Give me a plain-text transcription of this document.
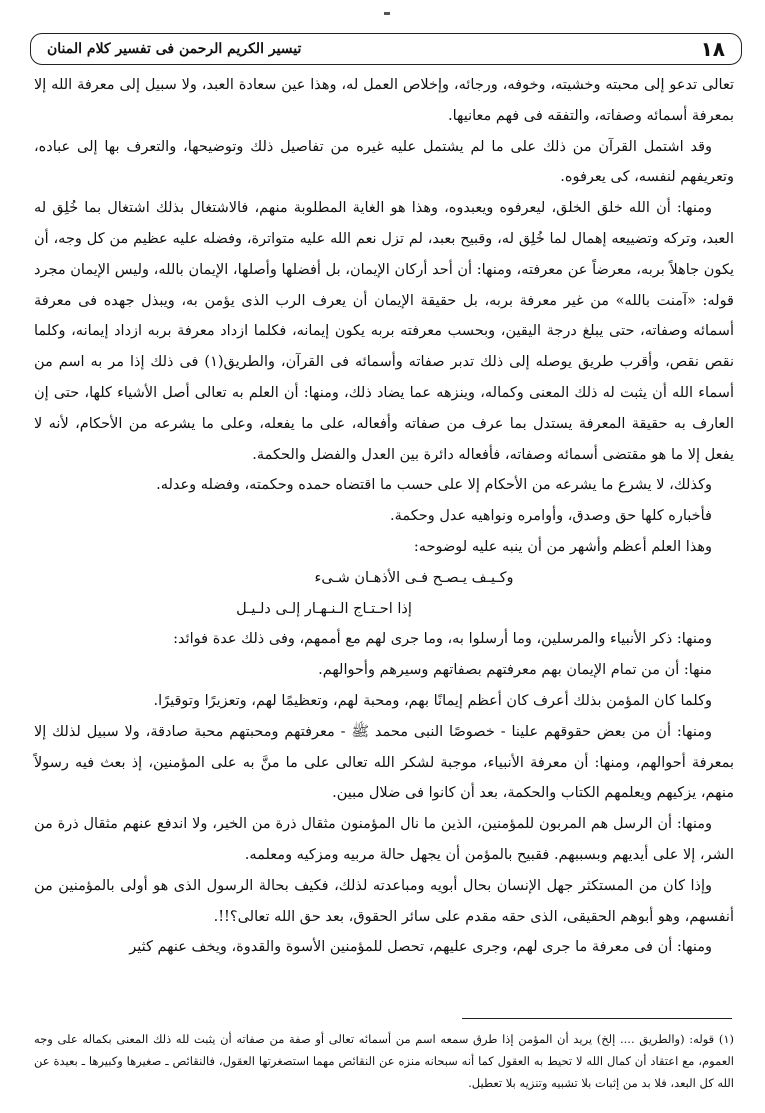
١٨
تيسير الكريم الرحمن فى تفسير كلام المنان

تعالى تدعو إلى محبته وخشيته، وخوفه، ورجائه، وإخلاص العمل له، وهذا عين سعادة العبد، ولا سبيل إلى معرفة الله إلا بمعرفة أسمائه وصفاته، والتفقه فى فهم معانيها.

وقد اشتمل القرآن من ذلك على ما لم يشتمل عليه غيره من تفاصيل ذلك وتوضيحها، والتعرف بها إلى عباده، وتعريفهم لنفسه، كى يعرفوه.

ومنها: أن الله خلق الخلق، ليعرفوه ويعبدوه، وهذا هو الغاية المطلوبة منهم، فالاشتغال بذلك اشتغال بما خُلِق له العبد، وتركه وتضييعه إهمال لما خُلِق له، وقبيح بعبد، لم تزل نعم الله عليه متواترة، وفضله عليه عظيم من كل وجه، أن يكون جاهلاً بربه، معرضاً عن معرفته، ومنها: أن أحد أركان الإيمان، بل أفضلها وأصلها، الإيمان بالله، وليس الإيمان مجرد قوله: «آمنت بالله» من غير معرفة بربه، بل حقيقة الإيمان أن يعرف الرب الذى يؤمن به، ويبذل جهده فى معرفة أسمائه وصفاته، حتى يبلغ درجة اليقين، وبحسب معرفته بربه يكون إيمانه، فكلما ازداد معرفة بربه ازداد إيمانه، وكلما نقص نقص، وأقرب طريق يوصله إلى ذلك تدبر صفاته وأسمائه فى القرآن، والطريق(١) فى ذلك إذا مر به اسم من أسماء الله أن يثبت له ذلك المعنى وكماله، وينزهه عما يضاد ذلك، ومنها: أن العلم به تعالى أصل الأشياء كلها، حتى إن العارف به حقيقة المعرفة يستدل بما عرف من صفاته وأفعاله، على ما يفعله، وعلى ما يشرعه من الأحكام، لأنه لا يفعل إلا ما هو مقتضى أسمائه وصفاته، فأفعاله دائرة بين العدل والفضل والحكمة.

وكذلك، لا يشرع ما يشرعه من الأحكام إلا على حسب ما اقتضاه حمده وحكمته، وفضله وعدله.

فأخباره كلها حق وصدق، وأوامره ونواهيه عدل وحكمة.

وهذا العلم أعظم وأشهر من أن ينبه عليه لوضوحه:

وكـيـف يـصـح فـى الأذهـان شـىء

إذا احـتـاج الـنـهـار إلـى دلـيـل

ومنها: ذكر الأنبياء والمرسلين، وما أرسلوا به، وما جرى لهم مع أممهم، وفى ذلك عدة فوائد:

منها: أن من تمام الإيمان بهم معرفتهم بصفاتهم وسيرهم وأحوالهم.

وكلما كان المؤمن بذلك أعرف كان أعظم إيمانًا بهم، ومحبة لهم، وتعظيمًا لهم، وتعزيرًا وتوقيرًا.

ومنها: أن من بعض حقوقهم علينا - خصوصًا النبى محمد ﷺ - معرفتهم ومحبتهم محبة صادقة، ولا سبيل لذلك إلا بمعرفة أحوالهم، ومنها: أن معرفة الأنبياء، موجبة لشكر الله تعالى على ما منَّ به على المؤمنين، إذ بعث فيه رسولاً منهم، يزكيهم ويعلمهم الكتاب والحكمة، بعد أن كانوا فى ضلال مبين.

ومنها: أن الرسل هم المربون للمؤمنين، الذين ما نال المؤمنون مثقال ذرة من الخير، ولا اندفع عنهم مثقال ذرة من الشر، إلا على أيديهم وبسببهم. فقبيح بالمؤمن أن يجهل حالة مربيه ومزكيه ومعلمه.

وإذا كان من المستكثر جهل الإنسان بحال أبويه ومباعدته لذلك، فكيف بحالة الرسول الذى هو أولى بالمؤمنين من أنفسهم، وهو أبوهم الحقيقى، الذى حقه مقدم على سائر الحقوق، بعد حق الله تعالى؟!!.

ومنها: أن فى معرفة ما جرى لهم، وجرى عليهم، تحصل للمؤمنين الأسوة والقدوة، ويخف عنهم كثير

(١) قوله: (والطريق .... إلخ) يريد أن المؤمن إذا طرق سمعه اسم من أسمائه تعالى أو صفة من صفاته أن يثبت لله ذلك المعنى بكماله على وجه العموم، مع اعتقاد أن كمال الله لا تحيط به العقول كما أنه سبحانه منزه عن النقائص مهما استصغرتها العقول، فالنقائص ـ صغيرها وكبيرها ـ بعيدة عن الله كل البعد، فلا بد من إثبات بلا تشبيه وتنزيه بلا تعطيل.
